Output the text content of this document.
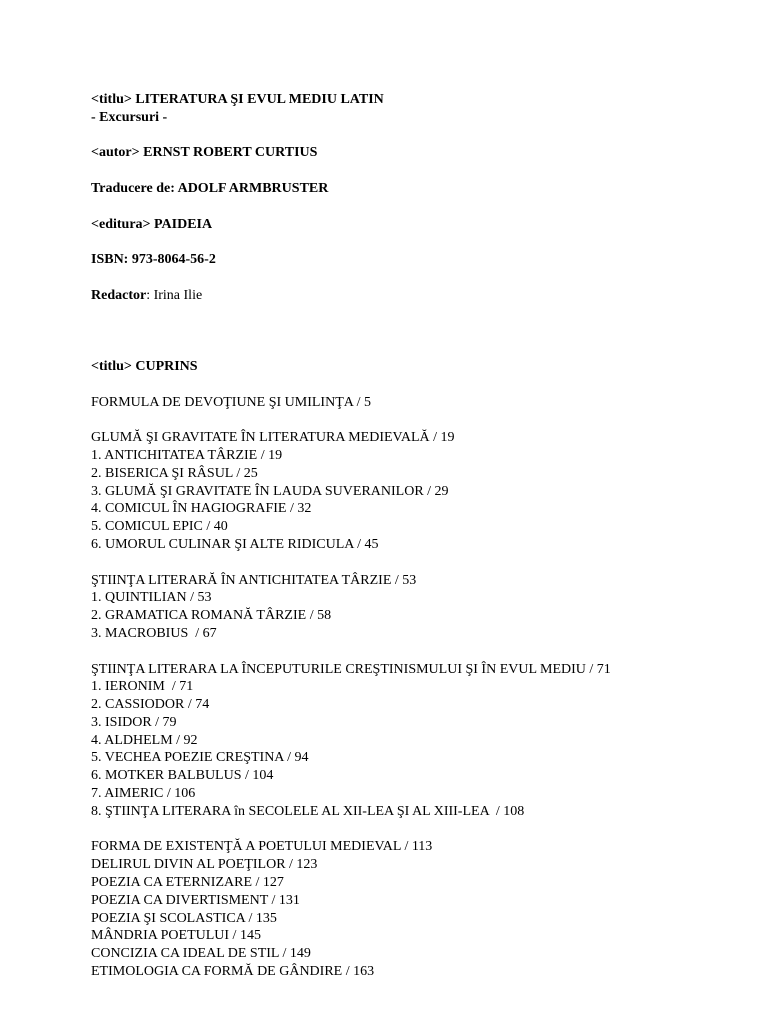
<titlu> LITERATURA ŞI EVUL MEDIU LATIN
- Excursuri -
<autor> ERNST ROBERT CURTIUS
Traducere de: ADOLF ARMBRUSTER
<editura> PAIDEIA
ISBN: 973-8064-56-2
Redactor: Irina Ilie
<titlu> CUPRINS
FORMULA DE DEVOŢIUNE ŞI UMILINŢA / 5
GLUMĂ ŞI GRAVITATE ÎN LITERATURA MEDIEVALĂ / 19
1. ANTICHITATEA TÂRZIE / 19
2. BISERICA ŞI RÂSUL / 25
3. GLUMĂ ŞI GRAVITATE ÎN LAUDA SUVERANILOR / 29
4. COMICUL ÎN HAGIOGRAFIE / 32
5. COMICUL EPIC / 40
6. UMORUL CULINAR ŞI ALTE RIDICULA / 45
ŞTIINŢA LITERARĂ ÎN ANTICHITATEA TÂRZIE / 53
1. QUINTILIAN / 53
2. GRAMATICA ROMANĂ TÂRZIE / 58
3. MACROBIUS  / 67
ŞTIINŢA LITERARA LA ÎNCEPUTURILE CREŞTINISMULUI ŞI ÎN EVUL MEDIU / 71
1. IERONIM  / 71
2. CASSIODOR / 74
3. ISIDOR / 79
4. ALDHELM / 92
5. VECHEA POEZIE CREŞTINA / 94
6. MOTKER BALBULUS / 104
7. AIMERIC / 106
8. ŞTIINŢA LITERARA în SECOLELE AL XII-LEA ŞI AL XIII-LEA  / 108
FORMA DE EXISTENŢĂ A POETULUI MEDIEVAL / 113
DELIRUL DIVIN AL POEŢILOR / 123
POEZIA CA ETERNIZARE / 127
POEZIA CA DIVERTISMENT / 131
POEZIA ŞI SCOLASTICA / 135
MÂNDRIA POETULUI / 145
CONCIZIA CA IDEAL DE STIL / 149
ETIMOLOGIA CA FORMĂ DE GÂNDIRE / 163
